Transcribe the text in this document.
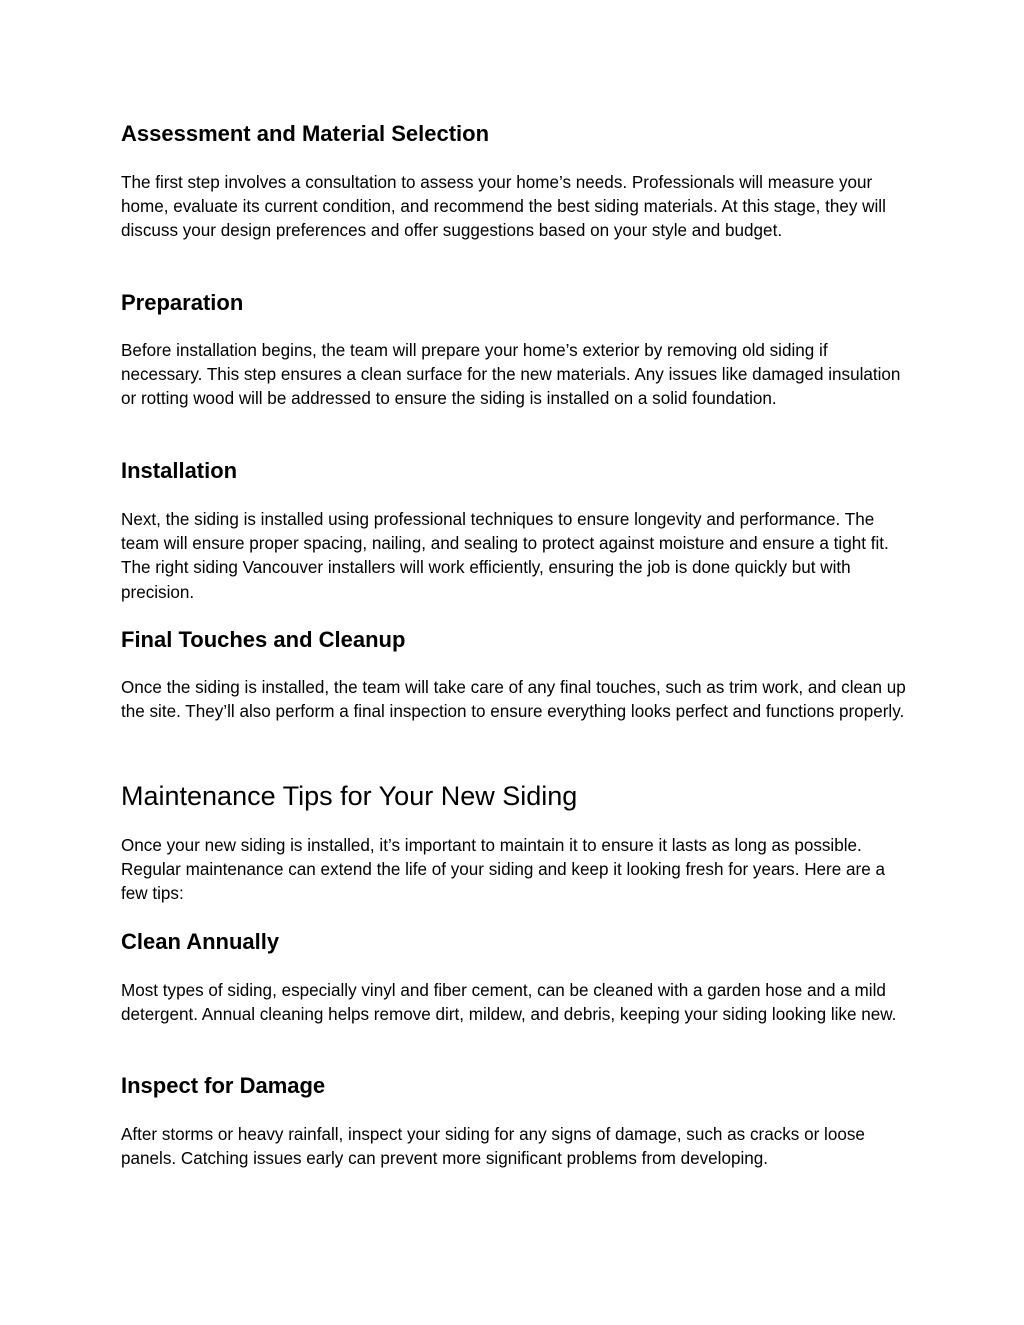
Assessment and Material Selection

The first step involves a consultation to assess your home’s needs. Professionals will measure your home, evaluate its current condition, and recommend the best siding materials. At this stage, they will discuss your design preferences and offer suggestions based on your style and budget.

Preparation

Before installation begins, the team will prepare your home’s exterior by removing old siding if necessary. This step ensures a clean surface for the new materials. Any issues like damaged insulation or rotting wood will be addressed to ensure the siding is installed on a solid foundation.

Installation

Next, the siding is installed using professional techniques to ensure longevity and performance. The team will ensure proper spacing, nailing, and sealing to protect against moisture and ensure a tight fit. The right siding Vancouver installers will work efficiently, ensuring the job is done quickly but with precision.

Final Touches and Cleanup

Once the siding is installed, the team will take care of any final touches, such as trim work, and clean up the site. They’ll also perform a final inspection to ensure everything looks perfect and functions properly.

Maintenance Tips for Your New Siding

Once your new siding is installed, it’s important to maintain it to ensure it lasts as long as possible. Regular maintenance can extend the life of your siding and keep it looking fresh for years. Here are a few tips:

Clean Annually

Most types of siding, especially vinyl and fiber cement, can be cleaned with a garden hose and a mild detergent. Annual cleaning helps remove dirt, mildew, and debris, keeping your siding looking like new.

Inspect for Damage

After storms or heavy rainfall, inspect your siding for any signs of damage, such as cracks or loose panels. Catching issues early can prevent more significant problems from developing.
